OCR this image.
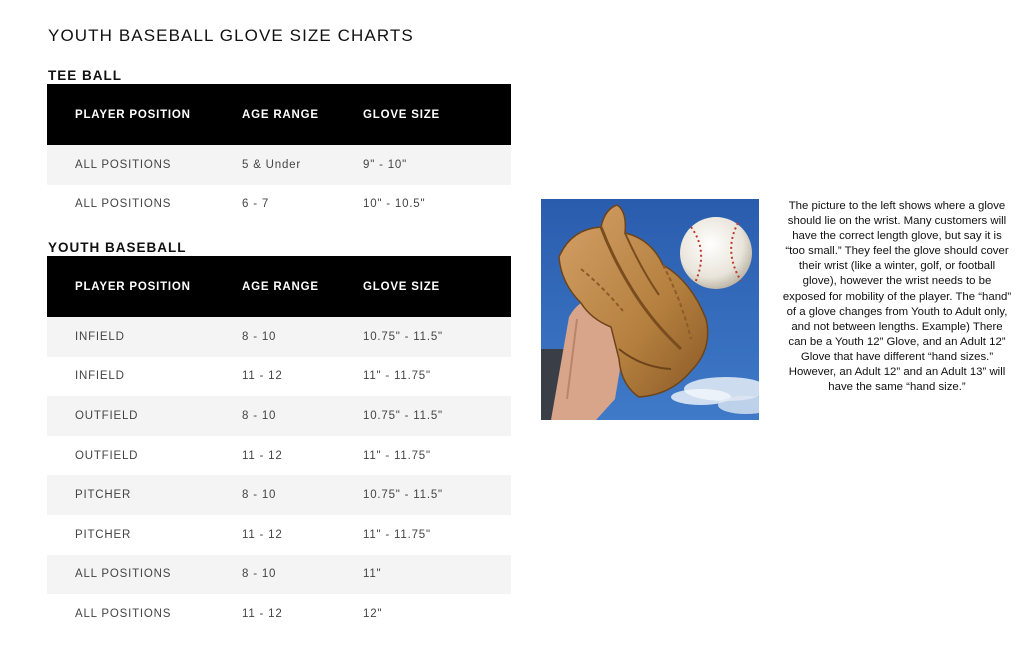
YOUTH BASEBALL GLOVE SIZE CHARTS
TEE BALL
PLAYER POSITION	AGE RANGE	GLOVE SIZE
ALL POSITIONS	5 & Under	9" - 10"
ALL POSITIONS	6 - 7	10" - 10.5"
YOUTH BASEBALL
PLAYER POSITION	AGE RANGE	GLOVE SIZE
INFIELD	8 - 10	10.75" - 11.5"
INFIELD	11 - 12	11" - 11.75"
OUTFIELD	8 - 10	10.75" - 11.5"
OUTFIELD	11 - 12	11" - 11.75"
PITCHER	8 - 10	10.75" - 11.5"
PITCHER	11 - 12	11" - 11.75"
ALL POSITIONS	8 - 10	11"
ALL POSITIONS	11 - 12	12"

The picture to the left shows where a glove should lie on the wrist. Many customers will have the correct length glove, but say it is “too small.” They feel the glove should cover their wrist (like a winter, golf, or football glove), however the wrist needs to be exposed for mobility of the player. The “hand” of a glove changes from Youth to Adult only, and not between lengths. Example) There can be a Youth 12” Glove, and an Adult 12” Glove that have different “hand sizes.” However, an Adult 12” and an Adult 13” will have the same “hand size.”
